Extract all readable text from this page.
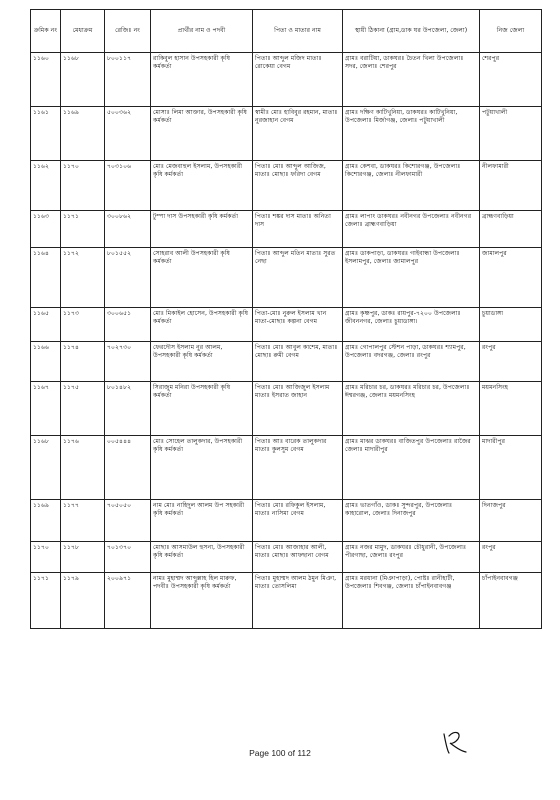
ক্রমিক নং	মেধাক্রম	রেজিঃ নং	প্রার্থীর নাম ও পদবী	পিতা ও মাতার নাম	স্থায়ী ঠিকানা (গ্রাম,ডাক ঘর উপজেলা, জেলা)	নিজ জেলা
১১৬০	১১৬৮	৮০০১১৭	রাকিবুল হাসান উপসহকারী কৃষি কর্মকর্তা	পিতাঃ আব্দুল মজিদ মাতাঃ রোকেয়া বেগম	গ্রামঃ বরাটিয়া, ডাকঘরঃ চৈতন খিলা উপজেলাঃ সদর, জেলাঃ শেরপুর	শেরপুর
১১৬১	১১৬৯	৫০০৩৬২	মোসাঃ লিমা আক্তার, উপসহকারী কৃষি কর্মকর্তা	স্বামীঃ মোঃ হাবিবুর রহমান, মাতাঃ নুরজাহান বেগম	গ্রামঃ দক্ষিণ কাটিখুনিয়া, ডাকঘরঃ কাটিখুনিয়া, উপজেলাঃ মির্জাগঞ্জ, জেলাঃ পটুয়াখালী	পটুয়াখালী
১১৬২	১১৭০	৭০৩১০৬	মোঃ মেজবাহুল ইসলাম, উপসহকারী কৃষি কর্মকর্তা	পিতাঃ মোঃ আব্দুল আজিজ, মাতাঃ মোছাঃ ফরিদা বেগম	গ্রামঃ কেশবা, ডাকঘরঃ কিশোরগঞ্জ, উপজেলাঃ কিশোরগঞ্জ, জেলাঃ নীলফামারী	নীলফামারী
১১৬৩	১১৭১	৩০০৮৬২	টুম্পা দাস উপসহকারী কৃষি কর্মকর্তা	পিতাঃ শঙ্কর দাস মাতাঃ অনিতা দাস	গ্রামঃ লাপাং ডাকঘরঃ নবীনগর উপজেলাঃ নবীনগর জেলাঃ ব্রাহ্মণবাড়িয়া	ব্রাহ্মণবাড়িয়া
১১৬৪	১১৭২	৮০১৫৫২	সোহরাব আলী উপসহকারী কৃষি কর্মকর্তা	পিতাঃ আব্দুল মতিন মাতাঃ সুরত নেছা	গ্রামঃ ডাকপাড়া, ডাকঘরঃ গাইবান্ধা উপজেলাঃ ইসলামপুর, জেলাঃ জামালপুর	জামালপুর
১১৬৫	১১৭৩	৩০০৬৫১	মোঃ মিকাইল হোসেন, উপসহকারী কৃষি কর্মকর্তা	পিতা-মোঃ নুরুল ইসলাম খান মাতা-মোছাঃ কল্পনা বেগম	গ্রামঃ কৃষ্ণপুর, ডাকঃ রায়পুর-৭২০০ উপজেলাঃ জীবননগর, জেলাঃ চুয়াডাঙ্গা।	চুয়াডাঙ্গা
১১৬৬	১১৭৪	৭০২৭৩০	ফেরদৌস ইসলাম নুর আলম, উপসহকারী কৃষি কর্মকর্তা	পিতাঃ মোঃ আবুল কাশেম, মাতাঃ মোছাঃ রুমী বেগম	গ্রামঃ গোপালপুর স্টেশন পাড়া, ডাকঘরঃ শ্যামপুর, উপজেলাঃ বদরগঞ্জ, জেলাঃ রংপুর	রংপুর
১১৬৭	১১৭৫	৮০১৪৮২	সিরাজুম মনিরা উপসহকারী কৃষি কর্মকর্তা	পিতাঃ মোঃ আজিজুল ইসলাম মাতাঃ ইসরাত জাহান	গ্রামঃ মরিচার চর, ডাকঘরঃ মরিচার চর, উপজেলাঃ ঈশ্বরগঞ্জ, জেলাঃ ময়মনসিংহ	ময়মনসিংহ
১১৬৮	১১৭৬	০০৫৪৪৪	মোঃ সোহেল তালুকদার, উপসহকারী কৃষি কর্মকর্তা	পিতাঃ আঃ বারেক তালুকদার মাতাঃ কুলসুম বেগম	গ্রামঃ মাঝর ডাকঘরঃ বাজিতপুর উপজেলাঃ রাজৈর জেলাঃ মাদারীপুর	মাদারীপুর
১১৬৯	১১৭৭	৭০৫০৫০	নাম মোঃ নাহিদুল আলম উপ সহকারী কৃষি কর্মকর্তা	পিতাঃ মোঃ রফিকুল ইসলাম, মাতাঃ নাসিমা বেগম	গ্রামঃ ভাতগাঁও, ডাকঃ সুন্দরপুর, উপজেলাঃ কাহারোল, জেলাঃ দিনাজপুর	দিনাজপুর
১১৭০	১১৭৮	৭০১৩৭০	মোছাঃ আসমাউল হুসনা, উপসহকারী কৃষি কর্মকর্তা	পিতাঃ মোঃ আজাহার আলী, মাতাঃ মোছাঃ আফছানা বেগম	গ্রামঃ নজর মামুদ, ডাকঘরঃ চৌধুরানী, উপজেলাঃ পীরগাছা, জেলাঃ রংপুর	রংপুর
১১৭১	১১৭৯	২০০৯৭১	নামঃ মুহাম্মদ আব্দুল্লাহ হিল মারুফ, পদবীঃ উপসহকারী কৃষি কর্মকর্তা	পিতাঃ মুহাম্মদ আলম ঠমুন মিঞা, মাতাঃ তোসলিমা	গ্রামঃ মরধানা (মিঞাপাড়া), পোষ্টঃ রানীহাটী, উপজেলাঃ শিবগঞ্জ, জেলাঃ চাঁপাইনবাবগঞ্জ	চাঁপাইনবাবগঞ্জ
Page 100 of 112
